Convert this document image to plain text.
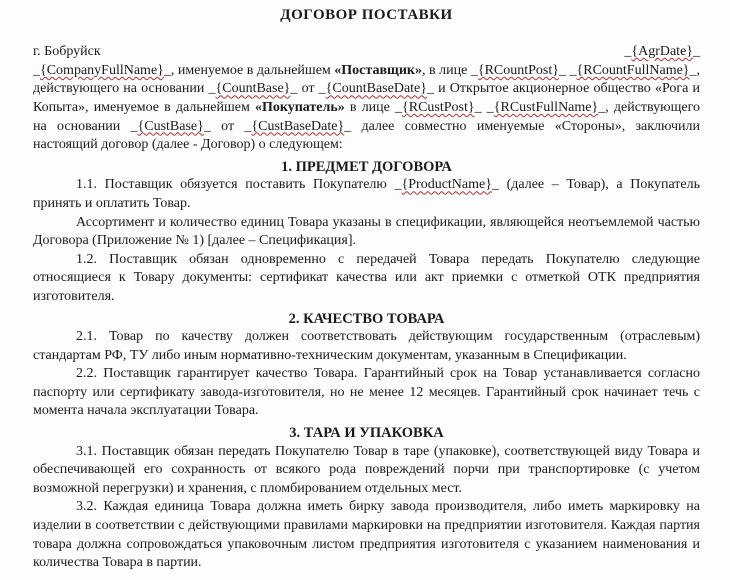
ДОГОВОР ПОСТАВКИ
г. Бобруйск	_{AgrDate}_

_{CompanyFullName}_, именуемое в дальнейшем «Поставщик», в лице _{RCountPost}_ _{RCountFullName}_, действующего на основании _{CountBase}_ от _{CountBaseDate}_ и Открытое акционерное общество «Рога и Копыта», именуемое в дальнейшем «Покупатель» в лице _{RCustPost}_ _{RCustFullName}_, действующего на основании _{CustBase}_ от _{CustBaseDate}_ далее совместно именуемые «Стороны», заключили настоящий договор (далее - Договор) о следующем:

1. ПРЕДМЕТ ДОГОВОРА

1.1. Поставщик обязуется поставить Покупателю _{ProductName}_ (далее – Товар), а Покупатель принять и оплатить Товар.

Ассортимент и количество единиц Товара указаны в спецификации, являющейся неотъемлемой частью Договора (Приложение № 1) [далее – Спецификация].

1.2. Поставщик обязан одновременно с передачей Товара передать Покупателю следующие относящиеся к Товару документы: сертификат качества или акт приемки с отметкой ОТК предприятия изготовителя.

2. КАЧЕСТВО ТОВАРА

2.1. Товар по качеству должен соответствовать действующим государственным (отраслевым) стандартам РФ, ТУ либо иным нормативно-техническим документам, указанным в Спецификации.

2.2. Поставщик гарантирует качество Товара. Гарантийный срок на Товар устанавливается согласно паспорту или сертификату завода-изготовителя, но не менее 12 месяцев. Гарантийный срок начинает течь с момента начала эксплуатации Товара.

3. ТАРА И УПАКОВКА

3.1. Поставщик обязан передать Покупателю Товар в таре (упаковке), соответствующей виду Товара и обеспечивающей его сохранность от всякого рода повреждений порчи при транспортировке (с учетом возможной перегрузки) и хранения, с пломбированием отдельных мест.

3.2. Каждая единица Товара должна иметь бирку завода производителя, либо иметь маркировку на изделии в соответствии с действующими правилами маркировки на предприятии изготовителя. Каждая партия товара должна сопровождаться упаковочным листом предприятия изготовителя с указанием наименования и количества Товара в партии.
